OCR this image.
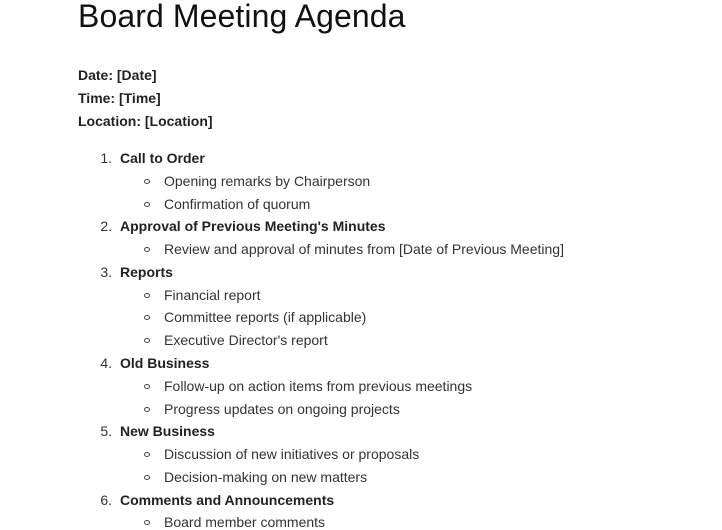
Board Meeting Agenda
Date: [Date]
Time: [Time]
Location: [Location]
1 . Call to Order
Opening remarks by Chairperson
Confirmation of quorum
2 . Approval of Previous Meeting's Minutes
Review and approval of minutes from [Date of Previous Meeting]
3 . Reports
Financial report
Committee reports (if applicable)
Executive Director's report
4 . Old Business
Follow-up on action items from previous meetings
Progress updates on ongoing projects
5 . New Business
Discussion of new initiatives or proposals
Decision-making on new matters
6 . Comments and Announcements
Board member comments
